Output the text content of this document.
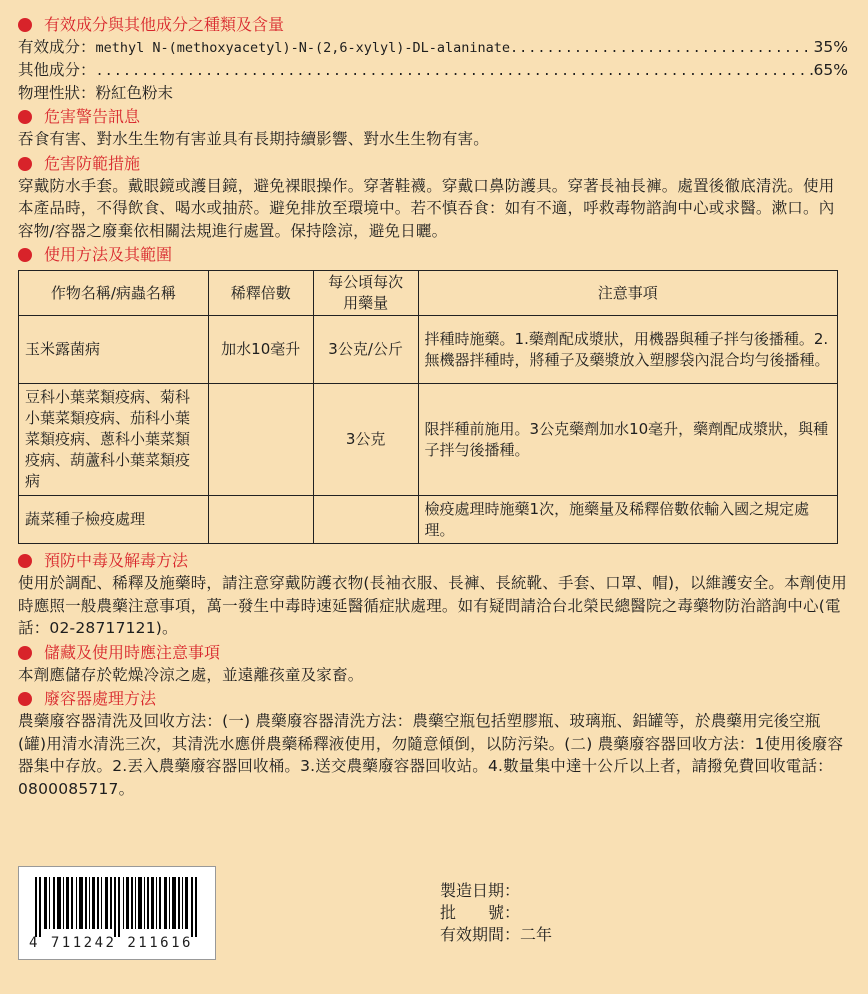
有效成分與其他成分之種類及含量
有效成分： methyl N-(methoxyacetyl)-N-(2,6-xylyl)-DL-alaninate .....	35%
其他成分： .....	65%
物理性狀：粉紅色粉末
危害警告訊息
吞食有害、對水生生物有害並具有長期持續影響、對水生生物有害。
危害防範措施
穿戴防水手套。戴眼鏡或護目鏡，避免裸眼操作。穿著鞋襪。穿戴口鼻防護具。穿著長袖長褲。處置後徹底清洗。使用本產品時，不得飲食、喝水或抽菸。避免排放至環境中。若不慎吞食：如有不適，呼救毒物諮詢中心或求醫。漱口。內容物/容器之廢棄依相關法規進行處置。保持陰涼，避免日曬。
使用方法及其範圍
作物名稱/病蟲名稱	稀釋倍數	每公頃每次用藥量	注意事項
玉米露菌病	加水10毫升	3公克/公斤	拌種時施藥。1.藥劑配成漿狀，用機器與種子拌勻後播種。2.無機器拌種時，將種子及藥漿放入塑膠袋內混合均勻後播種。
豆科小葉菜類疫病、菊科小葉菜類疫病、茄科小葉菜類疫病、蔥科小葉菜類疫病、葫蘆科小葉菜類疫病		3公克	限拌種前施用。3公克藥劑加水10毫升，藥劑配成漿狀，與種子拌勻後播種。
蔬菜種子檢疫處理			檢疫處理時施藥1次，施藥量及稀釋倍數依輸入國之規定處理。
預防中毒及解毒方法
使用於調配、稀釋及施藥時，請注意穿戴防護衣物(長袖衣服、長褲、長統靴、手套、口罩、帽)，以維護安全。本劑使用時應照一般農藥注意事項，萬一發生中毒時速延醫循症狀處理。如有疑問請洽台北榮民總醫院之毒藥物防治諮詢中心(電話：02-28717121)。
儲藏及使用時應注意事項
本劑應儲存於乾燥冷涼之處，並遠離孩童及家畜。
廢容器處理方法
農藥廢容器清洗及回收方法：(一) 農藥廢容器清洗方法：農藥空瓶包括塑膠瓶、玻璃瓶、鋁罐等，於農藥用完後空瓶(罐)用清水清洗三次，其清洗水應併農藥稀釋液使用，勿隨意傾倒，以防污染。(二) 農藥廢容器回收方法：1使用後廢容器集中存放。2.丟入農藥廢容器回收桶。3.送交農藥廢容器回收站。4.數量集中達十公斤以上者，請撥免費回收電話：0800085717。
4 711242 211616
製造日期：
批　　號：
有效期間： 二年
